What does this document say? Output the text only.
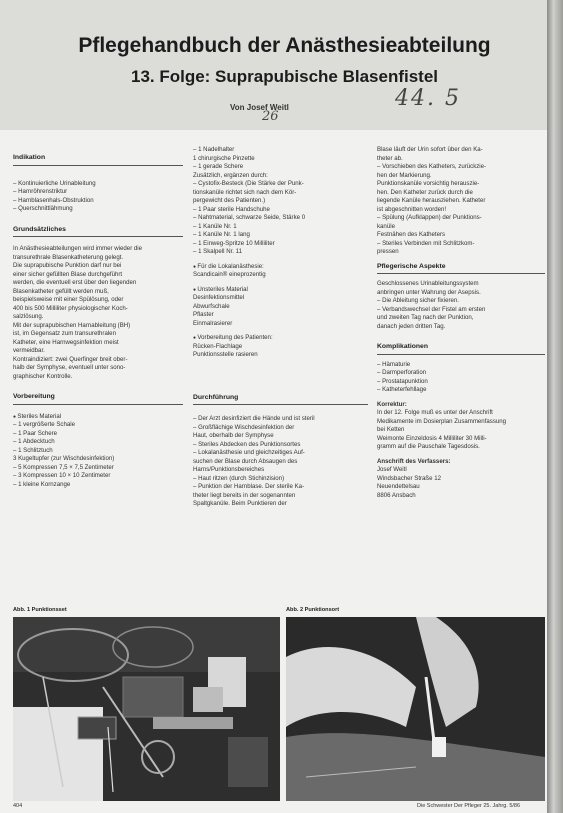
Pflegehandbuch der Anästhesieabteilung
13. Folge: Suprapubische Blasenfistel
Von Josef Weitl	44. 5
26
Indikation
– Kontinuierliche Urinableitung
– Harnröhrenstriktur
– Harnblasenhals-Obstruktion
– Querschnittlähmung
Grundsätzliches
In Anästhesieabteilungen wird immer wieder die
transurethrale Blasenkatheterung gelegt.
Die suprapubische Punktion darf nur bei
einer sicher gefüllten Blase durchgeführt
werden, die eventuell erst über den liegenden
Blasenkatheter gefüllt werden muß,
beispielsweise mit einer Spülösung, oder
400 bis 500 Milliliter physiologischer Koch-
salzlösung.
Mit der suprapubischen Harnableitung (BH)
ist, im Gegensatz zum transurethralen
Katheter, eine Harnwegsinfektion meist
vermeidbar.
Kontraindiziert: zwei Querfinger breit ober-
halb der Symphyse, eventuell unter sono-
graphischer Kontrolle.
Vorbereitung
● Steriles Material
– 1 vergrößerte Schale
– 1 Paar Schere
– 1 Abdecktuch
– 1 Schlitztuch
3 Kugeltupfer (zur Wischdesinfektion)
– 5 Kompressen 7,5 × 7,5 Zentimeter
– 3 Kompressen 10 × 10 Zentimeter
– 1 kleine Kornzange
– 1 Nadelhalter
1 chirurgische Pinzette
– 1 gerade Schere
Zusätzlich, ergänzen durch:
– Cystofix-Besteck (Die Stärke der Punk-
tionskanüle richtet sich nach dem Kör-
pergewicht des Patienten.)
– 1 Paar sterile Handschuhe
– Nahtmaterial, schwarze Seide, Stärke 0
– 1 Kanüle Nr. 1
– 1 Kanüle Nr. 1 lang
– 1 Einweg-Spritze 10 Milliliter
– 1 Skalpell Nr. 11
● Für die Lokalanästhesie:
Scandicain® eineprozentig
● Unsteriles Material
Desinfektionsmittel
Abwurfschale
Pflaster
Einmalrasierer
● Vorbereitung des Patienten:
Rücken-Flachlage
Punktionsstelle rasieren
Durchführung
– Der Arzt desinfiziert die Hände und ist steril
– Großflächige Wischdesinfektion der
Haut, oberhalb der Symphyse
– Steriles Abdecken des Punktionsortes
– Lokalanästhesie und gleichzeitiges Auf-
suchen der Blase durch Absaugen des
Harns/Punktionsbereiches
– Haut ritzen (durch Stichinzision)
– Punktion der Harnblase. Der sterile Ka-
theter liegt bereits in der sogenannten
Spaltgkanüle. Beim Punktieren der
Blase läuft der Urin sofort über den Ka-
theter ab.
– Vorschieben des Katheters, zurückzie-
hen der Markierung.
Punktionskanüle vorsichtig herauszie-
hen. Den Katheter zurück durch die
liegende Kanüle herausziehen. Katheter
ist abgeschnitten worden!
– Spülung (Aufklappen) der Punktions-
kanüle
Festnähen des Katheters
– Steriles Verbinden mit Schlitzkom-
pressen
Pflegerische Aspekte
Geschlossenes Urinableitungssystem
anbringen unter Wahrung der Asepsis.
– Die Ableitung sicher fixieren.
– Verbandswechsel der Fistel am ersten
und zweiten Tag nach der Punktion,
danach jeden dritten Tag.
Komplikationen
– Hämaturie
– Darmperforation
– Prostatapunktion
– Katheterfehllage
Korrektur:
In der 12. Folge muß es unter der Anschrift
Medikamente im Dosierplan Zusammenfassung
bei Ketten
Weimonte Einzeldosis 4 Milliliter 30 Milli-
gramm auf die Pauschale Tagesdosis.
Anschrift des Verfassers:
Josef Weitl
Windsbacher Straße 12
Neuendettelsau
8806 Ansbach
Abb. 1 Punktionsset	Abb. 2 Punktionsort
404	Die Schwester Der Pfleger 25. Jahrg. 5/86
